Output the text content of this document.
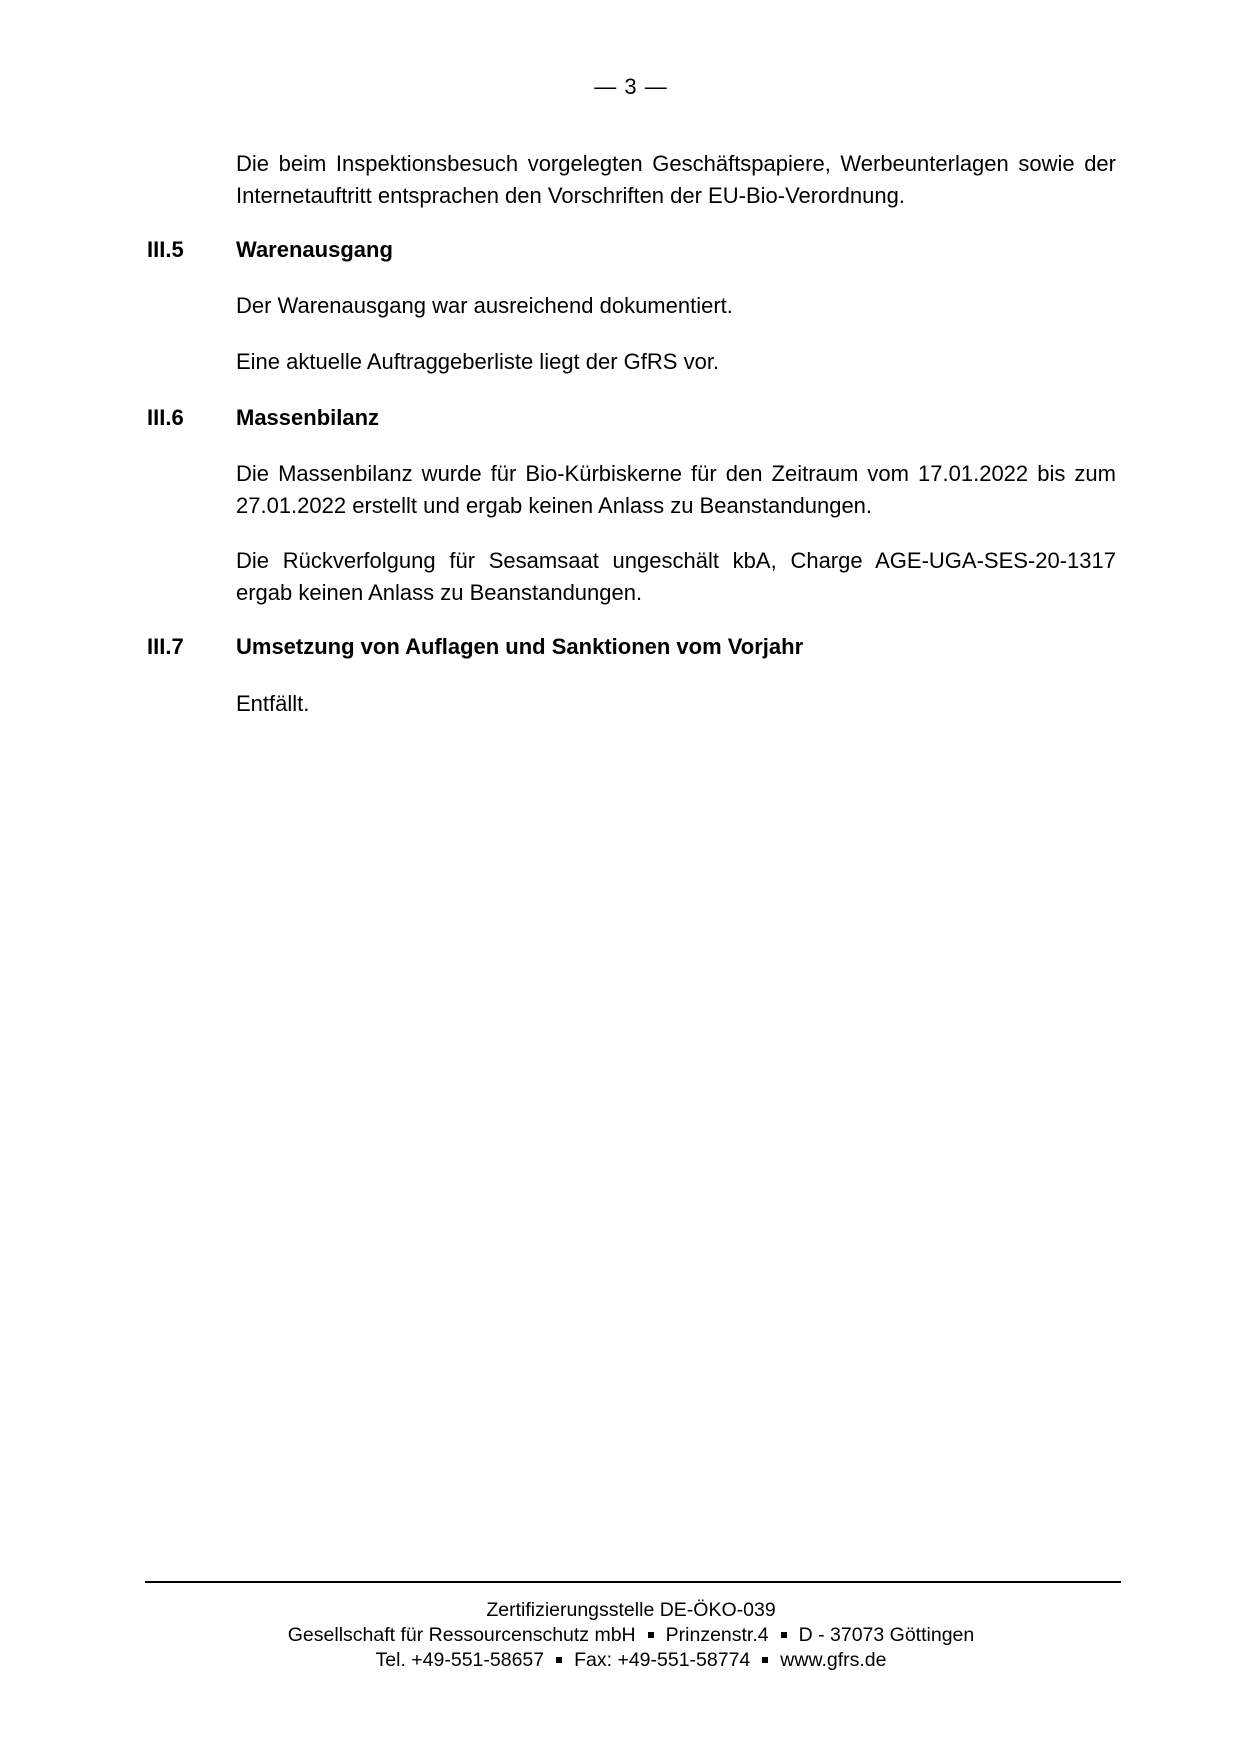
— 3 —
Die beim Inspektionsbesuch vorgelegten Geschäftspapiere, Werbeunterlagen sowie der Internetauftritt entsprachen den Vorschriften der EU-Bio-Verordnung.
III.5 Warenausgang
Der Warenausgang war ausreichend dokumentiert.
Eine aktuelle Auftraggeberliste liegt der GfRS vor.
III.6 Massenbilanz
Die Massenbilanz wurde für Bio-Kürbiskerne für den Zeitraum vom 17.01.2022 bis zum 27.01.2022 erstellt und ergab keinen Anlass zu Beanstandungen.
Die Rückverfolgung für Sesamsaat ungeschält kbA, Charge AGE-UGA-SES-20-1317 ergab keinen Anlass zu Beanstandungen.
III.7 Umsetzung von Auflagen und Sanktionen vom Vorjahr
Entfällt.
Zertifizierungsstelle DE-ÖKO-039
Gesellschaft für Ressourcenschutz mbH Prinzenstr.4 D - 37073 Göttingen
Tel. +49-551-58657 Fax: +49-551-58774 www.gfrs.de
